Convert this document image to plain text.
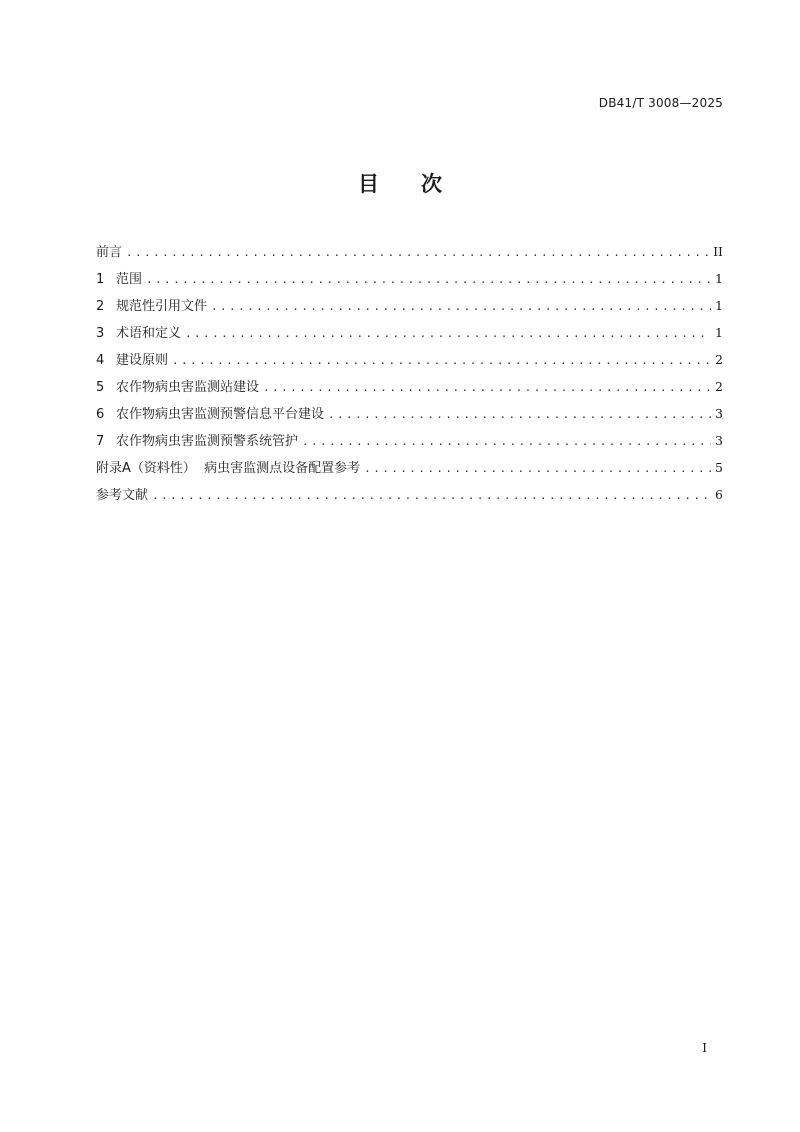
DB41/T 3008—2025
目 次
前言 .....	II
1 范围 .....	1
2 规范性引用文件 .....	1
3 术语和定义 .....	1
4 建设原则 .....	2
5 农作物病虫害监测站建设 .....	2
6 农作物病虫害监测预警信息平台建设 .....	3
7 农作物病虫害监测预警系统管护 .....	3
附录A（资料性）  病虫害监测点设备配置参考 .....	5
参考文献 .....	6
I
